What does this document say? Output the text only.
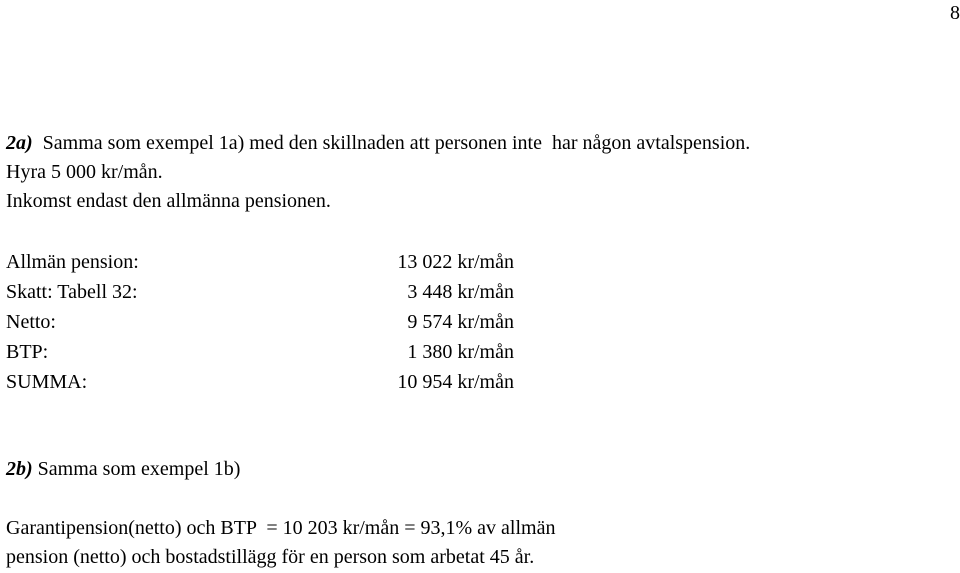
8

2a)  Samma som exempel 1a) med den skillnaden att personen inte  har någon avtalspension.

Hyra 5 000 kr/mån.

Inkomst endast den allmänna pensionen.

Allmän pension:	13 022 kr/mån
Skatt: Tabell 32:	3 448 kr/mån
Netto:	9 574 kr/mån
BTP:	1 380 kr/mån
SUMMA:	10 954 kr/mån

2b) Samma som exempel 1b)

Garantipension(netto) och BTP  = 10 203 kr/mån = 93,1% av allmän

pension (netto) och bostadstillägg för en person som arbetat 45 år.
